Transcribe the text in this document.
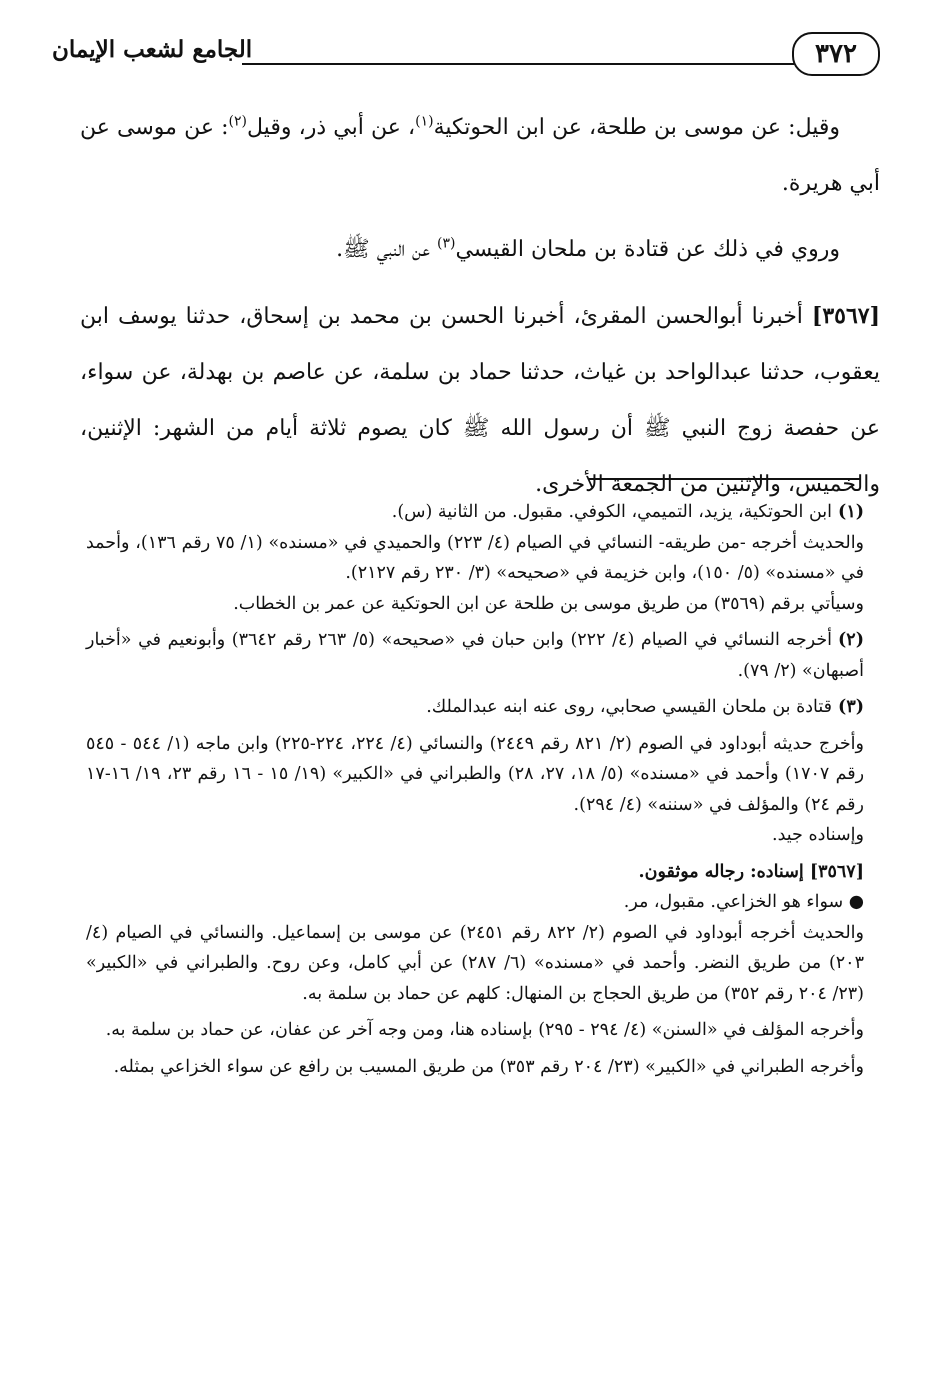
٣٧٢
الجامع لشعب الإيمان

وقيل: عن موسى بن طلحة، عن ابن الحوتكية$^{(١)}$، عن أبي ذر، وقيل$^{(٢)}$: عن موسى عن أبي هريرة.

وروي في ذلك عن قتادة بن ملحان القيسي$^{(٣)}$ عن النبي ﷺ.

[٣٥٦٧] أخبرنا أبوالحسن المقرئ، أخبرنا الحسن بن محمد بن إسحاق، حدثنا يوسف ابن يعقوب، حدثنا عبدالواحد بن غياث، حدثنا حماد بن سلمة، عن عاصم بن بهدلة، عن سواء، عن حفصة زوج النبي ﷺ أن رسول الله ﷺ كان يصوم ثلاثة أيام من الشهر: الإثنين، والخميس، والإثنين من الجمعة الأخرى.

(١)ابن الحوتكية، يزيد، التميمي، الكوفي. مقبول. من الثانية (س).

والحديث أخرجه -من طريقه- النسائي في الصيام (٤/ ٢٢٣) والحميدي في «مسنده» (١/ ٧٥ رقم ١٣٦)، وأحمد في «مسنده» (٥/ ١٥٠)، وابن خزيمة في «صحيحه» (٣/ ٢٣٠ رقم ٢١٢٧).

وسيأتي برقم (٣٥٦٩) من طريق موسى بن طلحة عن ابن الحوتكية عن عمر بن الخطاب.

(٢)أخرجه النسائي في الصيام (٤/ ٢٢٢) وابن حبان في «صحيحه» (٥/ ٢٦٣ رقم ٣٦٤٢) وأبونعيم في «أخبار أصبهان» (٢/ ٧٩).

(٣)قتادة بن ملحان القيسي صحابي، روى عنه ابنه عبدالملك.

وأخرج حديثه أبوداود في الصوم (٢/ ٨٢١ رقم ٢٤٤٩) والنسائي (٤/ ٢٢٤، ٢٢٤-٢٢٥) وابن ماجه (١/ ٥٤٤ - ٥٤٥ رقم ١٧٠٧) وأحمد في «مسنده» (٥/ ١٨، ٢٧، ٢٨) والطبراني في «الكبير» (١٩/ ١٥ - ١٦ رقم ٢٣، ١٩/ ١٦-١٧ رقم ٢٤) والمؤلف في «سننه» (٤/ ٢٩٤).

وإسناده جيد.

[٣٥٦٧] إسناده: رجاله موثقون.

● سواء هو الخزاعي. مقبول، مر.

والحديث أخرجه أبوداود في الصوم (٢/ ٨٢٢ رقم ٢٤٥١) عن موسى بن إسماعيل. والنسائي في الصيام (٤/ ٢٠٣) من طريق النضر. وأحمد في «مسنده» (٦/ ٢٨٧) عن أبي كامل، وعن روح. والطبراني في «الكبير» (٢٣/ ٢٠٤ رقم ٣٥٢) من طريق الحجاج بن المنهال: كلهم عن حماد بن سلمة به.

وأخرجه المؤلف في «السنن» (٤/ ٢٩٤ - ٢٩٥) بإسناده هنا، ومن وجه آخر عن عفان، عن حماد بن سلمة به.

وأخرجه الطبراني في «الكبير» (٢٣/ ٢٠٤ رقم ٣٥٣) من طريق المسيب بن رافع عن سواء الخزاعي بمثله.
